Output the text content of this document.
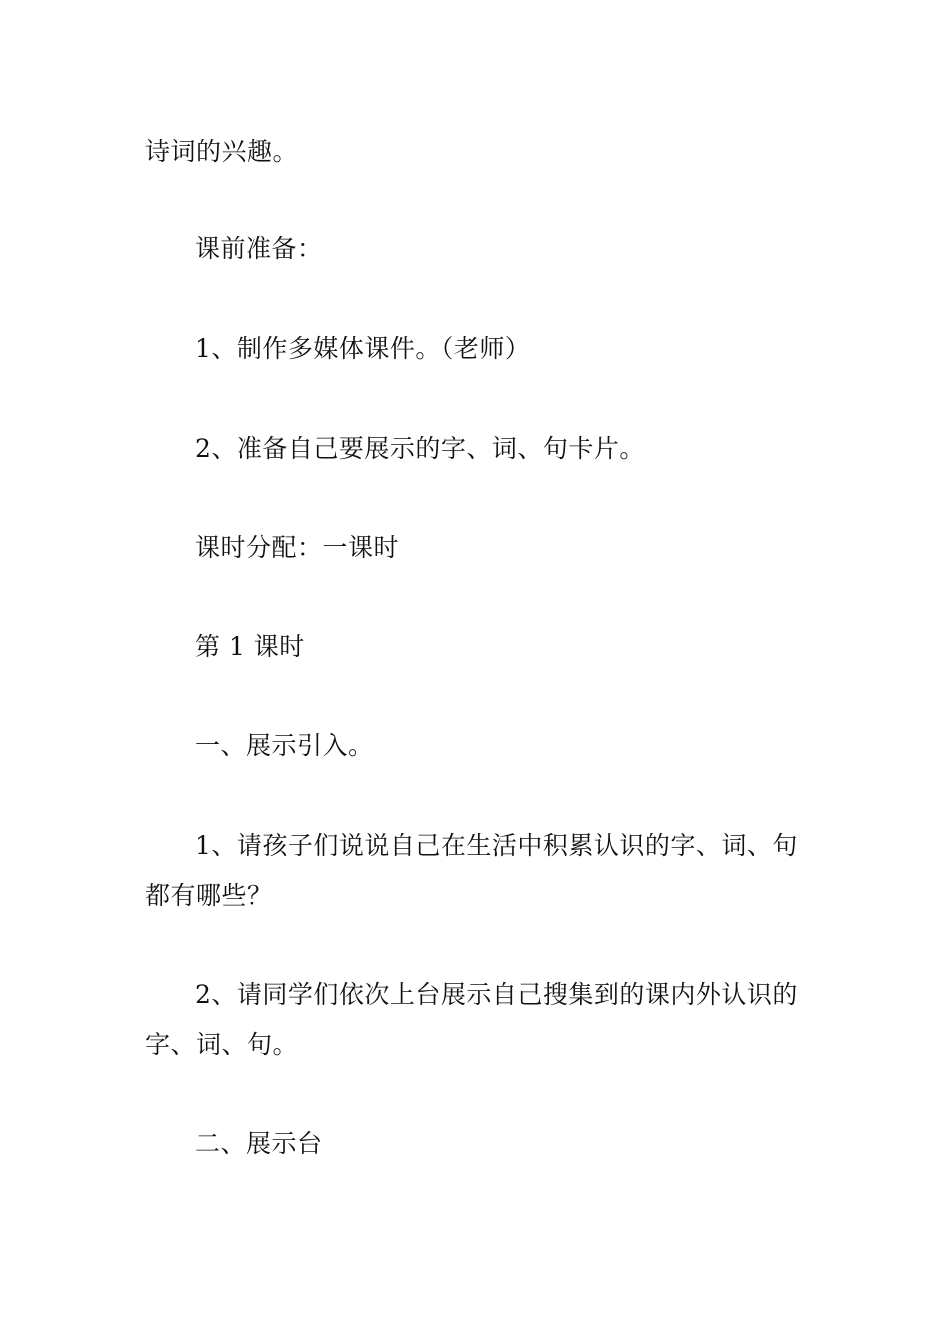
诗词的兴趣。
课前准备：
1、制作多媒体课件。（老师）
2、准备自己要展示的字、词、句卡片。
课时分配：一课时
第 1 课时
一、展示引入。
1、请孩子们说说自己在生活中积累认识的字、词、句
都有哪些？
2、请同学们依次上台展示自己搜集到的课内外认识的
字、词、句。
二、展示台
